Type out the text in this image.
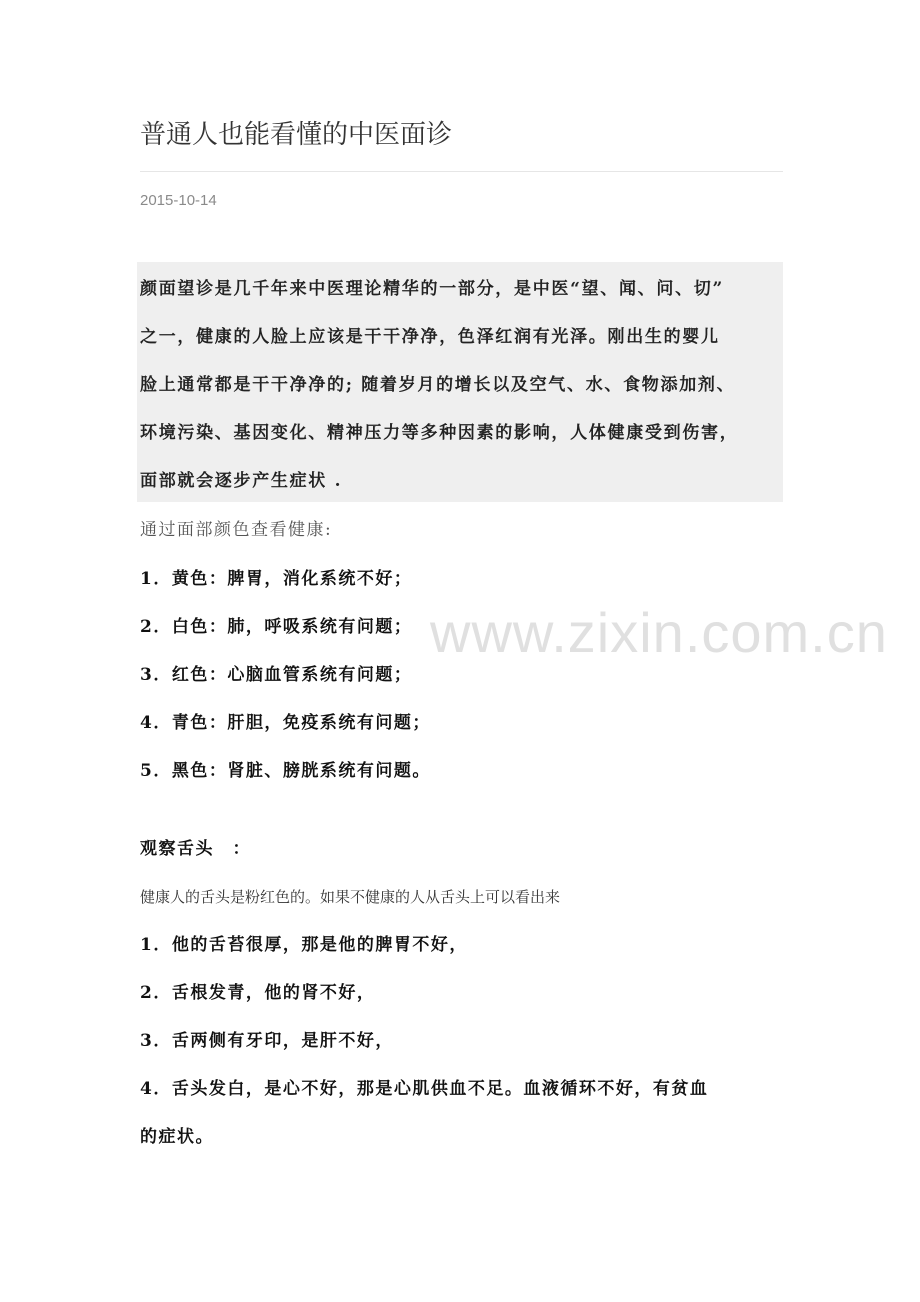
普通人也能看懂的中医面诊
2015-10-14
颜面望诊是几千年来中医理论精华的一部分，是中医“望、闻、问、切”
之一，健康的人脸上应该是干干净净，色泽红润有光泽。刚出生的婴儿
脸上通常都是干干净净的; 随着岁月的增长以及空气、水、食物添加剂、
环境污染、基因变化、精神压力等多种因素的影响，人体健康受到伤害，
面部就会逐步产生症状 .
通过面部颜色查看健康:
1．黄色：脾胃，消化系统不好；
2．白色：肺，呼吸系统有问题；
3．红色：心脑血管系统有问题；
4．青色：肝胆，免疫系统有问题；
5．黑色：肾脏、膀胱系统有问题。
观察舌头　：
健康人的舌头是粉红色的。如果不健康的人从舌头上可以看出来
1．他的舌苔很厚，那是他的脾胃不好，
2．舌根发青，他的肾不好，
3．舌两侧有牙印，是肝不好，
4．舌头发白，是心不好，那是心肌供血不足。血液循环不好，有贫血
的症状。
www.zixin.com.cn
